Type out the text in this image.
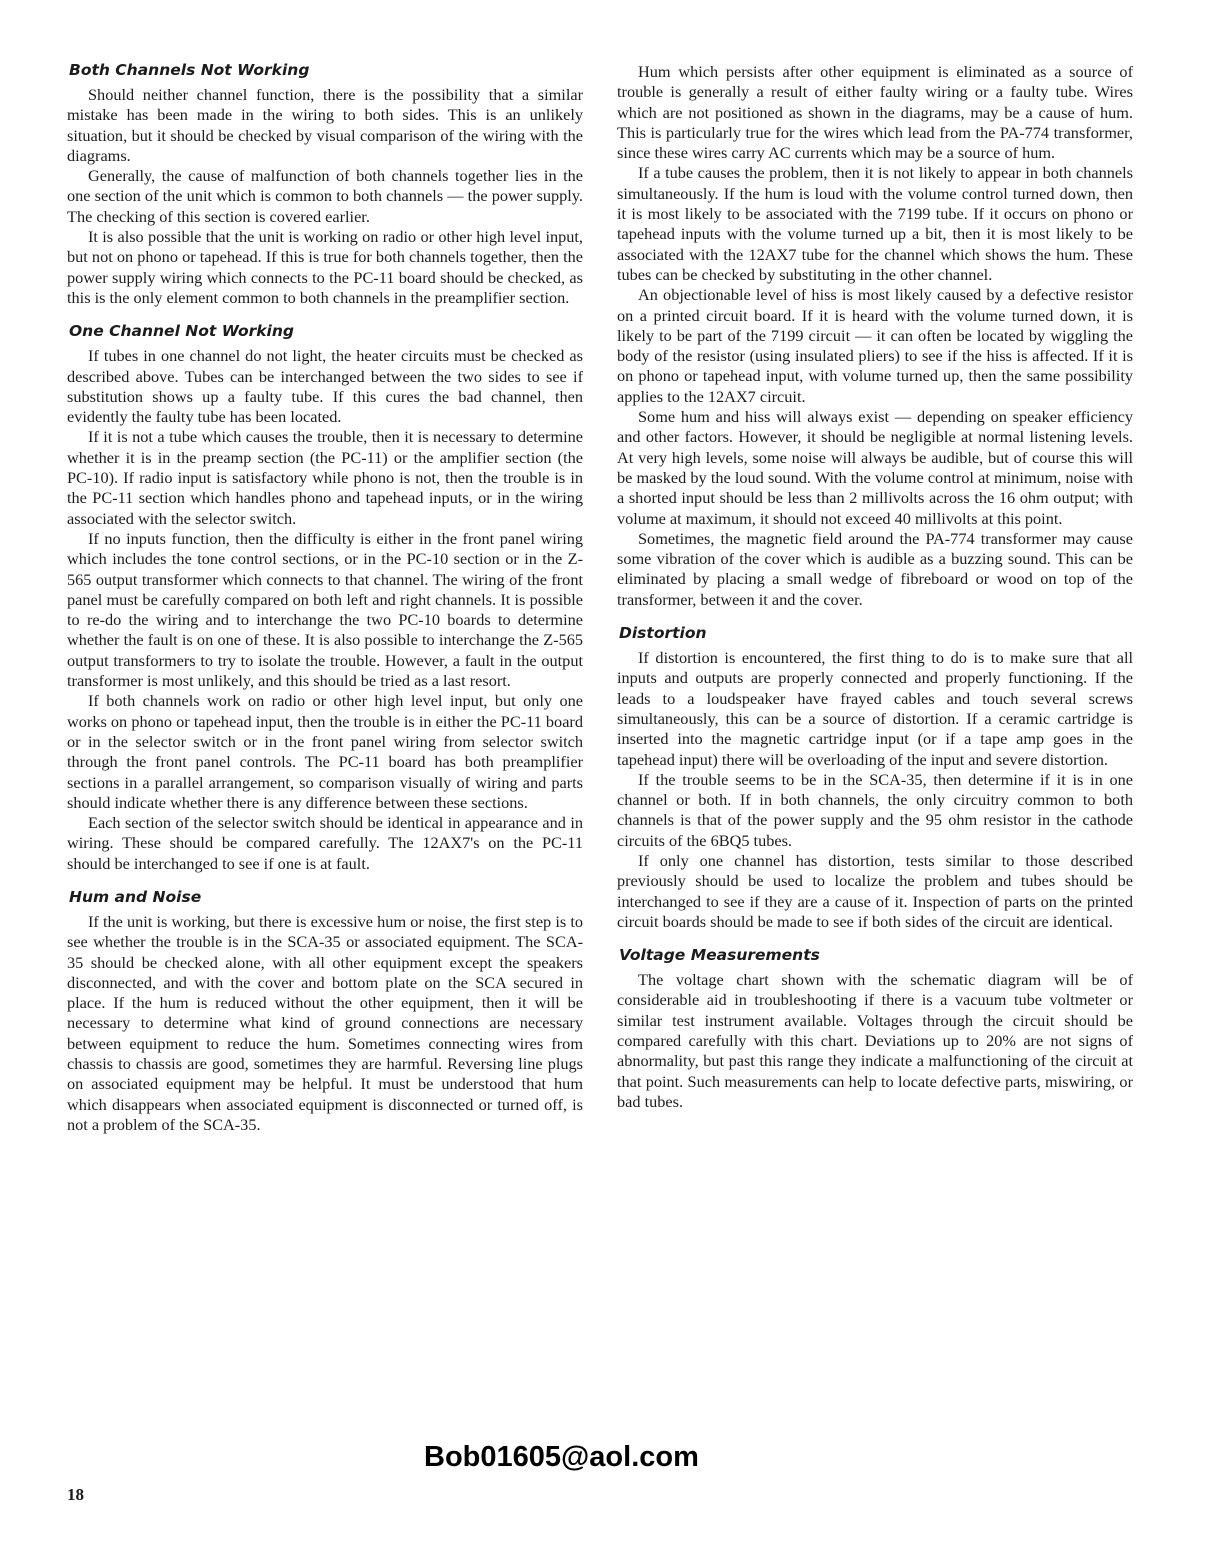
Both Channels Not Working

Should neither channel function, there is the possibility that a similar mistake has been made in the wiring to both sides. This is an unlikely situation, but it should be checked by visual comparison of the wiring with the diagrams.

Generally, the cause of malfunction of both channels together lies in the one section of the unit which is common to both channels — the power supply. The checking of this section is covered earlier.

It is also possible that the unit is working on radio or other high level input, but not on phono or tapehead. If this is true for both channels together, then the power supply wiring which connects to the PC-11 board should be checked, as this is the only element common to both channels in the preamplifier section.

One Channel Not Working

If tubes in one channel do not light, the heater circuits must be checked as described above. Tubes can be interchanged between the two sides to see if substitution shows up a faulty tube. If this cures the bad channel, then evidently the faulty tube has been located.

If it is not a tube which causes the trouble, then it is necessary to determine whether it is in the preamp section (the PC-11) or the amplifier section (the PC-10). If radio input is satisfactory while phono is not, then the trouble is in the PC-11 section which handles phono and tapehead inputs, or in the wiring associated with the selector switch.

If no inputs function, then the difficulty is either in the front panel wiring which includes the tone control sections, or in the PC-10 section or in the Z-565 output transformer which connects to that channel. The wiring of the front panel must be carefully compared on both left and right channels. It is possible to re-do the wiring and to interchange the two PC-10 boards to determine whether the fault is on one of these. It is also possible to interchange the Z-565 output transformers to try to isolate the trouble. However, a fault in the output transformer is most unlikely, and this should be tried as a last resort.

If both channels work on radio or other high level input, but only one works on phono or tapehead input, then the trouble is in either the PC-11 board or in the selector switch or in the front panel wiring from selector switch through the front panel controls. The PC-11 board has both preamplifier sections in a parallel arrangement, so comparison visually of wiring and parts should indicate whether there is any difference between these sections.

Each section of the selector switch should be identical in appearance and in wiring. These should be compared carefully. The 12AX7's on the PC-11 should be interchanged to see if one is at fault.

Hum and Noise

If the unit is working, but there is excessive hum or noise, the first step is to see whether the trouble is in the SCA-35 or associated equipment. The SCA-35 should be checked alone, with all other equipment except the speakers disconnected, and with the cover and bottom plate on the SCA secured in place. If the hum is reduced without the other equipment, then it will be necessary to determine what kind of ground connections are necessary between equipment to reduce the hum. Sometimes connecting wires from chassis to chassis are good, sometimes they are harmful. Reversing line plugs on associated equipment may be helpful. It must be understood that hum which disappears when associated equipment is disconnected or turned off, is not a problem of the SCA-35.

Hum which persists after other equipment is eliminated as a source of trouble is generally a result of either faulty wiring or a faulty tube. Wires which are not positioned as shown in the diagrams, may be a cause of hum. This is particularly true for the wires which lead from the PA-774 transformer, since these wires carry AC currents which may be a source of hum.

If a tube causes the problem, then it is not likely to appear in both channels simultaneously. If the hum is loud with the volume control turned down, then it is most likely to be associated with the 7199 tube. If it occurs on phono or tapehead inputs with the volume turned up a bit, then it is most likely to be associated with the 12AX7 tube for the channel which shows the hum. These tubes can be checked by substituting in the other channel.

An objectionable level of hiss is most likely caused by a defective resistor on a printed circuit board. If it is heard with the volume turned down, it is likely to be part of the 7199 circuit — it can often be located by wiggling the body of the resistor (using insulated pliers) to see if the hiss is affected. If it is on phono or tapehead input, with volume turned up, then the same possibility applies to the 12AX7 circuit.

Some hum and hiss will always exist — depending on speaker efficiency and other factors. However, it should be negligible at normal listening levels. At very high levels, some noise will always be audible, but of course this will be masked by the loud sound. With the volume control at minimum, noise with a shorted input should be less than 2 millivolts across the 16 ohm output; with volume at maximum, it should not exceed 40 millivolts at this point.

Sometimes, the magnetic field around the PA-774 transformer may cause some vibration of the cover which is audible as a buzzing sound. This can be eliminated by placing a small wedge of fibreboard or wood on top of the transformer, between it and the cover.

Distortion

If distortion is encountered, the first thing to do is to make sure that all inputs and outputs are properly connected and properly functioning. If the leads to a loudspeaker have frayed cables and touch several screws simultaneously, this can be a source of distortion. If a ceramic cartridge is inserted into the magnetic cartridge input (or if a tape amp goes in the tapehead input) there will be overloading of the input and severe distortion.

If the trouble seems to be in the SCA-35, then determine if it is in one channel or both. If in both channels, the only circuitry common to both channels is that of the power supply and the 95 ohm resistor in the cathode circuits of the 6BQ5 tubes.

If only one channel has distortion, tests similar to those described previously should be used to localize the problem and tubes should be interchanged to see if they are a cause of it. Inspection of parts on the printed circuit boards should be made to see if both sides of the circuit are identical.

Voltage Measurements

The voltage chart shown with the schematic diagram will be of considerable aid in troubleshooting if there is a vacuum tube voltmeter or similar test instrument available. Voltages through the circuit should be compared carefully with this chart. Deviations up to 20% are not signs of abnormality, but past this range they indicate a malfunctioning of the circuit at that point. Such measurements can help to locate defective parts, miswiring, or bad tubes.

18
Bob01605@aol.com
